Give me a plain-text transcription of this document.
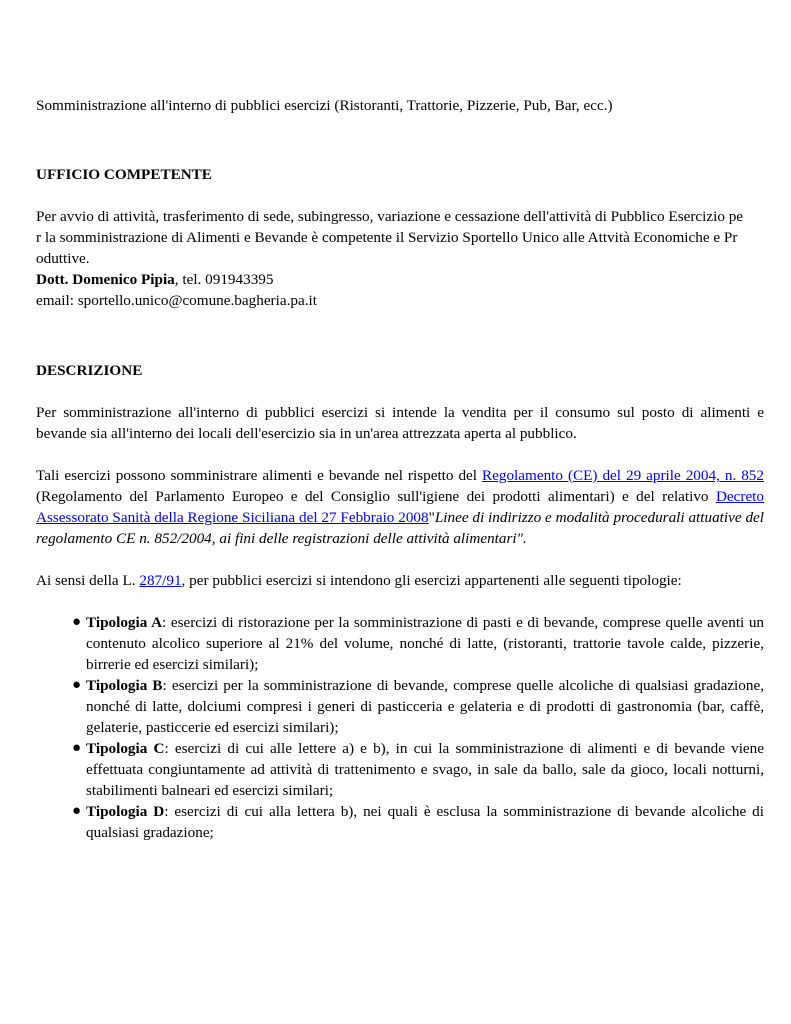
Somministrazione all'interno di pubblici esercizi (Ristoranti, Trattorie, Pizzerie, Pub, Bar, ecc.)

UFFICIO COMPETENTE

Per avvio di attività, trasferimento di sede, subingresso, variazione e cessazione dell'attività di Pubblico Esercizio pe
r la somministrazione di Alimenti e Bevande è competente il Servizio Sportello Unico alle Attvità Economiche e Pr
oduttive.

Dott. Domenico Pipia, tel. 091943395

email: sportello.unico@comune.bagheria.pa.it

DESCRIZIONE

Per somministrazione all'interno di pubblici esercizi si intende la vendita per il consumo sul posto di alimenti e bevande sia all'interno dei locali dell'esercizio sia in un'area attrezzata aperta al pubblico.

Tali esercizi possono somministrare alimenti e bevande nel rispetto del Regolamento (CE) del 29 aprile 2004, n. 852 (Regolamento del Parlamento Europeo e del Consiglio sull'igiene dei prodotti alimentari) e del relativo Decreto Assessorato Sanità della Regione Siciliana del 27 Febbraio 2008"Linee di indirizzo e modalità procedurali attuative del regolamento CE n. 852/2004, ai fini delle registrazioni delle attività alimentari".

Ai sensi della L. 287/91, per pubblici esercizi si intendono gli esercizi appartenenti alle seguenti tipologie:

● Tipologia A: esercizi di ristorazione per la somministrazione di pasti e di bevande, comprese quelle aventi un contenuto alcolico superiore al 21% del volume, nonché di latte, (ristoranti, trattorie tavole calde, pizzerie, birrerie ed esercizi similari);
● Tipologia B: esercizi per la somministrazione di bevande, comprese quelle alcoliche di qualsiasi gradazione, nonché di latte, dolciumi compresi i generi di pasticceria e gelateria e di prodotti di gastronomia (bar, caffè, gelaterie, pasticcerie ed esercizi similari);
● Tipologia C: esercizi di cui alle lettere a) e b), in cui la somministrazione di alimenti e di bevande viene effettuata congiuntamente ad attività di trattenimento e svago, in sale da ballo, sale da gioco, locali notturni, stabilimenti balneari ed esercizi similari;
● Tipologia D: esercizi di cui alla lettera b), nei quali è esclusa la somministrazione di bevande alcoliche di qualsiasi gradazione;
